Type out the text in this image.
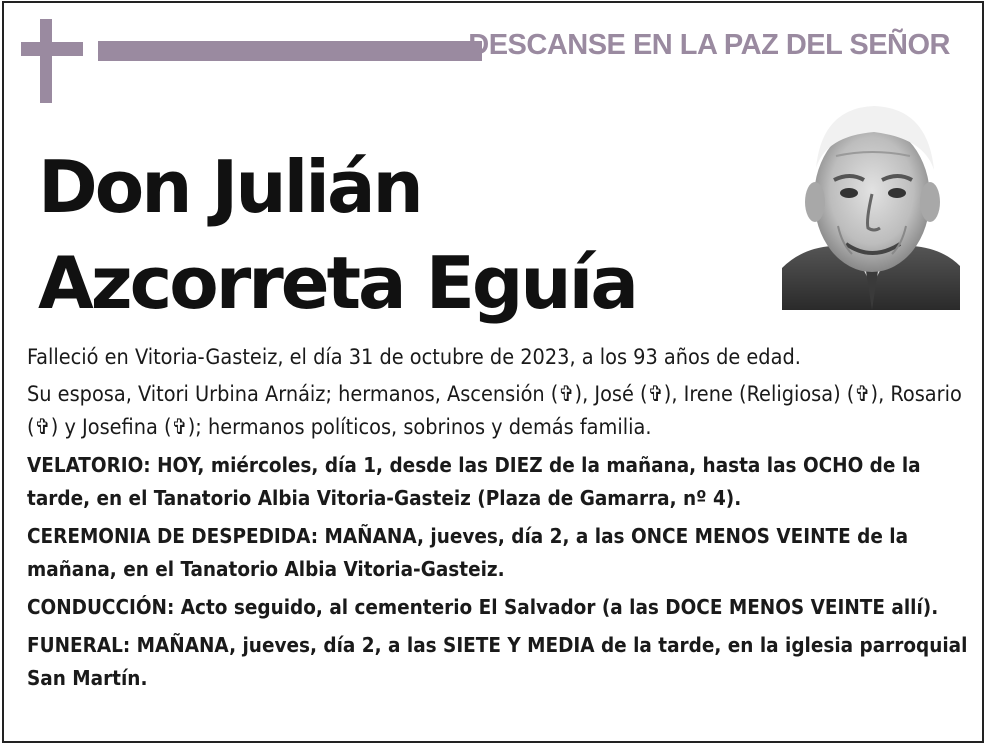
DESCANSE EN LA PAZ DEL SEÑOR
Don Julián
Azcorreta Eguía

Falleció en Vitoria-Gasteiz, el día 31 de octubre de 2023, a los 93 años de edad.

Su esposa, Vitori Urbina Arnáiz; hermanos, Ascensión (✞), José (✞), Irene (Religiosa) (✞), Rosario (✞) y Josefina (✞); hermanos políticos, sobrinos y demás familia.

VELATORIO: HOY, miércoles, día 1, desde las DIEZ de la mañana, hasta las OCHO de la tarde, en el Tanatorio Albia Vitoria-Gasteiz (Plaza de Gamarra, nº 4).

CEREMONIA DE DESPEDIDA: MAÑANA, jueves, día 2, a las ONCE MENOS VEINTE de la mañana, en el Tanatorio Albia Vitoria-Gasteiz.

CONDUCCIÓN: Acto seguido, al cementerio El Salvador (a las DOCE MENOS VEINTE allí).

FUNERAL: MAÑANA, jueves, día 2, a las SIETE Y MEDIA de la tarde, en la iglesia parroquial San Martín.
